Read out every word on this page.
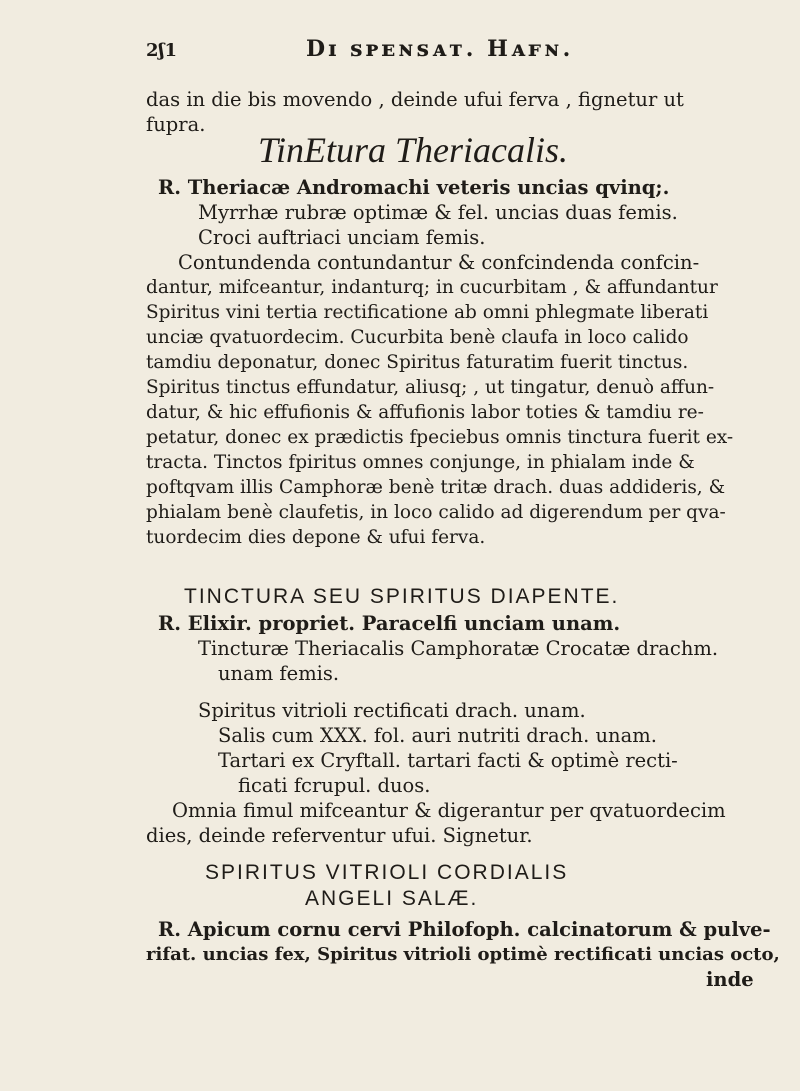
2ʃ1	Dɪ ꜱᴘᴇɴꜱᴀᴛ. Hᴀꜰɴ.
das in die bis movendo , deinde ufui ferva , fignetur ut
fupra.
TinEtura Theriacalis.
R. Theriacæ Andromachi veteris uncias qvinq;.
Myrrhæ rubræ optimæ & fel. uncias duas femis.
Croci auftriaci unciam femis.
Contundenda contundantur & confcindenda confcin-
dantur, mifceantur, indanturq; in cucurbitam , & affundantur
Spiritus vini tertia rectificatione ab omni phlegmate liberati
unciæ qvatuordecim. Cucurbita benè claufa in loco calido
tamdiu deponatur, donec Spiritus faturatim fuerit tinctus.
Spiritus tinctus effundatur, aliusq; , ut tingatur, denuò affun-
datur, & hic effufionis & affufionis labor toties & tamdiu re-
petatur, donec ex prædictis fpeciebus omnis tinctura fuerit ex-
tracta. Tinctos fpiritus omnes conjunge, in phialam inde &
poftqvam illis Camphoræ benè tritæ drach. duas addideris, &
phialam benè claufetis, in loco calido ad digerendum per qva-
tuordecim dies depone & ufui ferva.
TINCTURA SEU SPIRITUS DIAPENTE.
R. Elixir. propriet. Paracelfi unciam unam.
Tincturæ Theriacalis Camphoratæ Crocatæ drachm.
unam femis.
Spiritus vitrioli rectificati drach. unam.
Salis cum XXX. fol. auri nutriti drach. unam.
Tartari ex Cryftall. tartari facti & optimè recti-
ficati fcrupul. duos.
Omnia fimul mifceantur & digerantur per qvatuordecim
dies, deinde referventur ufui. Signetur.
SPIRITUS VITRIOLI CORDIALIS
ANGELI SALÆ.
R. Apicum cornu cervi Philofoph. calcinatorum & pulve-
rifat. uncias fex, Spiritus vitrioli optimè rectificati uncias octo,
inde
